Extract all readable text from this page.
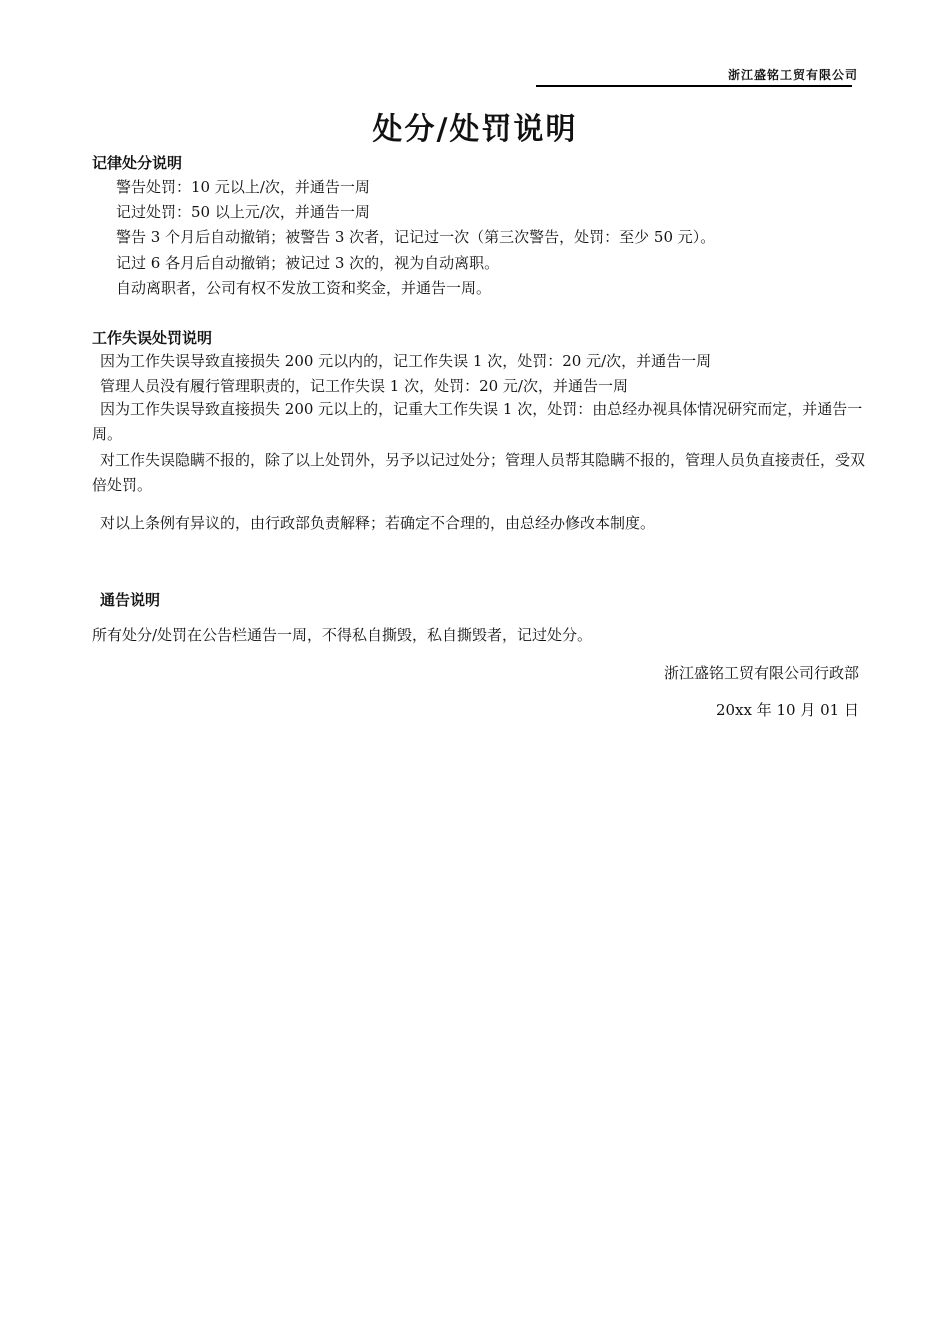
浙江盛铭工贸有限公司
处分/处罚说明
记律处分说明
警告处罚：10 元以上/次，并通告一周
记过处罚：50 以上元/次，并通告一周
警告 3 个月后自动撤销；被警告 3 次者，记记过一次（第三次警告，处罚：至少 50 元）。
记过 6 各月后自动撤销；被记过 3 次的，视为自动离职。
自动离职者，公司有权不发放工资和奖金，并通告一周。
工作失误处罚说明
因为工作失误导致直接损失 200 元以内的，记工作失误 1 次，处罚：20 元/次，并通告一周
管理人员没有履行管理职责的，记工作失误 1 次，处罚：20 元/次，并通告一周
因为工作失误导致直接损失 200 元以上的，记重大工作失误 1 次，处罚：由总经办视具体情况研究而定，并通告一周。
对工作失误隐瞒不报的，除了以上处罚外，另予以记过处分；管理人员帮其隐瞒不报的，管理人员负直接责任，受双倍处罚。
对以上条例有异议的，由行政部负责解释；若确定不合理的，由总经办修改本制度。
通告说明
所有处分/处罚在公告栏通告一周，不得私自撕毁，私自撕毁者，记过处分。
浙江盛铭工贸有限公司行政部
20xx 年 10 月 01 日
